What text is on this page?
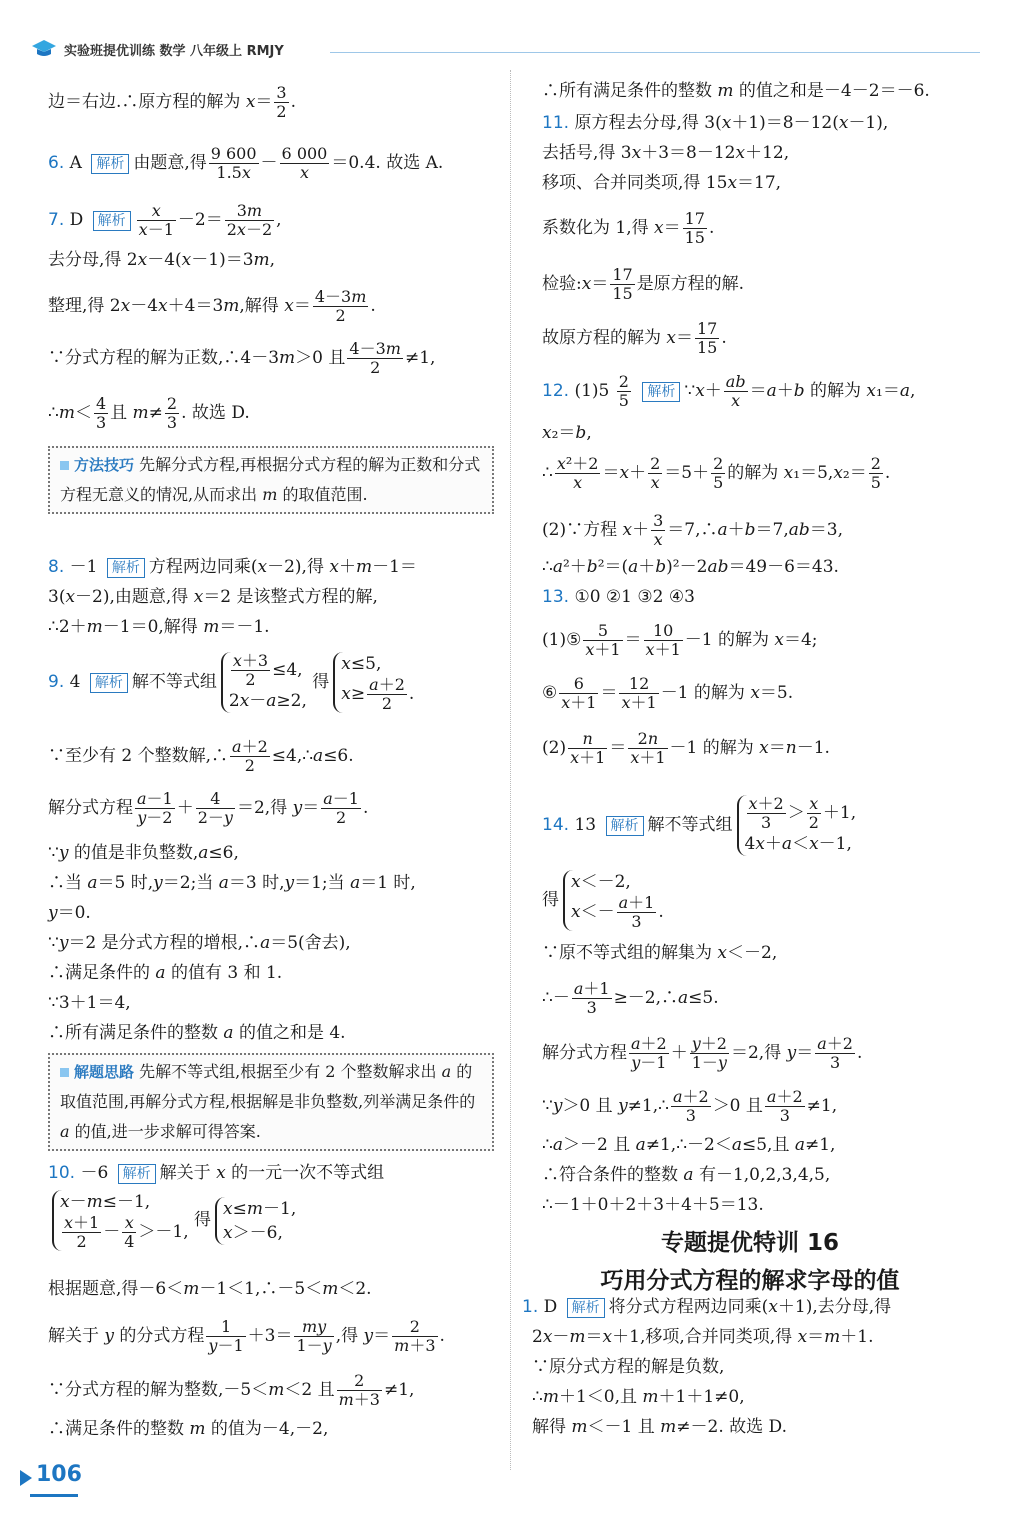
实验班提优训练 数学 八年级上 RMJY
边＝右边.∴原方程的解为 $x= \frac{3}{2}$ .
6. A 解析 由题意,得 $\frac{9 600}{1.5x} - \frac{6 000}{x} =0.4$. 故选 A.
7. D 解析 $\frac{x}{x-1} -2= \frac{3m}{2x-2}$ ,
去分母,得 2x－4(x－1)＝3m,
整理,得 2x－4x＋4＝3m,解得 $x= \frac{4-3m}{2}$ .
∵分式方程的解为正数,∴4－3m＞0 且 $\frac{4-3m}{2} \ne 1$,
∴m＜ $\frac{4}{3}$ 且 $m\ne \frac{2}{3}$ . 故选 D.
方法技巧 先解分式方程,再根据分式方程的解为正数和分式方程无意义的情况,从而求出 m 的取值范围.
8. －1 解析 方程两边同乘(x－2),得 x＋m－1＝
3(x－2),由题意,得 x＝2 是该整式方程的解,
∴2＋m－1＝0,解得 m＝－1.
9. 4 解析 解不等式组 $\frac{x+3}{2} \le 4$,
2x－a≥2,
得
x≤5,
$x\ge \frac{a+2}{2}$ .
∵至少有 2 个整数解,∴ $\frac{a+2}{2}$ ≤4,∴a≤6.
解分式方程 $\frac{a-1}{y-2} + \frac{4}{2-y} =2$,得 $y= \frac{a-1}{2}$ .
∵y 的值是非负整数,a≤6,
∴当 a＝5 时,y＝2;当 a＝3 时,y＝1;当 a＝1 时,
y＝0.
∵y＝2 是分式方程的增根,∴a＝5(舍去),
∴满足条件的 a 的值有 3 和 1.
∵3＋1＝4,
∴所有满足条件的整数 a 的值之和是 4.
解题思路 先解不等式组,根据至少有 2 个整数解求出 a 的取值范围,再解分式方程,根据解是非负整数,列举满足条件的 a 的值,进一步求解可得答案.
10. －6 解析 解关于 x 的一元一次不等式组
x－m≤－1,
$\frac{x+1}{2} - \frac{x}{4} >-1$,
得
x≤m－1,
x＞－6,
根据题意,得－6＜m－1＜1,∴－5＜m＜2.
解关于 y 的分式方程 $\frac{1}{y-1} +3= \frac{my}{1-y}$ ,得 $y= \frac{2}{m+3}$ .
∵分式方程的解为整数,－5＜m＜2 且 $\frac{2}{m+3} \ne 1$,
∴满足条件的整数 m 的值为－4,－2,
∴所有满足条件的整数 m 的值之和是－4－2＝－6.
11. 原方程去分母,得 3(x＋1)＝8－12(x－1),
去括号,得 3x＋3＝8－12x＋12,
移项、合并同类项,得 15x＝17,
系数化为 1,得 $x= \frac{17}{15}$ .
检验:x＝ $\frac{17}{15}$ 是原方程的解.
故原方程的解为 $x= \frac{17}{15}$ .
12. $(1)5 \frac{2}{5}$ 解析 ∵x＋ $\frac{ab}{x} =a+b$ 的解为 x₁＝a,
x₂＝b,
∴ $\frac{\text{x²＋2}}{x} =x+ \frac{2}{x} =5+ \frac{2}{5}$ 的解为 $x_1=5,x_2= \frac{2}{5}$ .
(2)∵方程 $x+ \frac{3}{x}$ ＝7,∴a＋b＝7,ab＝3,
∴a²＋b²＝(a＋b)²－2ab＝49－6＝43.
13. ①0 ②1 ③2 ④3
(1)⑤ $\frac{5}{x+1} = \frac{10}{x+1} -1$ 的解为 x＝4;
⑥ $\frac{6}{x+1} = \frac{12}{x+1} -1$ 的解为 x＝5.
$(2) \frac{n}{x+1} = \frac{2n}{x+1} -1$ 的解为 x＝n－1.
14. 13 解析 解不等式组 $\frac{x+2}{3} > \frac{x}{2} +1$,
4x＋a＜x－1,
得
x＜－2,
$x<- \frac{a+1}{3}$ .
∵原不等式组的解集为 x＜－2,
∴－ $\frac{a+1}{3}$ ≥－2,∴a≤5.
解分式方程 $\frac{a+2}{y-1} + \frac{y+2}{1-y} =2$,得 $y= \frac{a+2}{3}$ .
∵y＞0 且 y≠1,∴ $\frac{a+2}{3} >0$ 且 $\frac{a+2}{3} \ne 1$,
∴a＞－2 且 a≠1,∴－2＜a≤5,且 a≠1,
∴符合条件的整数 a 有－1,0,2,3,4,5,
∴－1＋0＋2＋3＋4＋5＝13.
专题提优特训 16
巧用分式方程的解求字母的值
1. D 解析 将分式方程两边同乘(x＋1),去分母,得
2x－m＝x＋1,移项,合并同类项,得 x＝m＋1.
∵原分式方程的解是负数,
∴m＋1＜0,且 m＋1＋1≠0,
解得 m＜－1 且 m≠－2. 故选 D.
106
